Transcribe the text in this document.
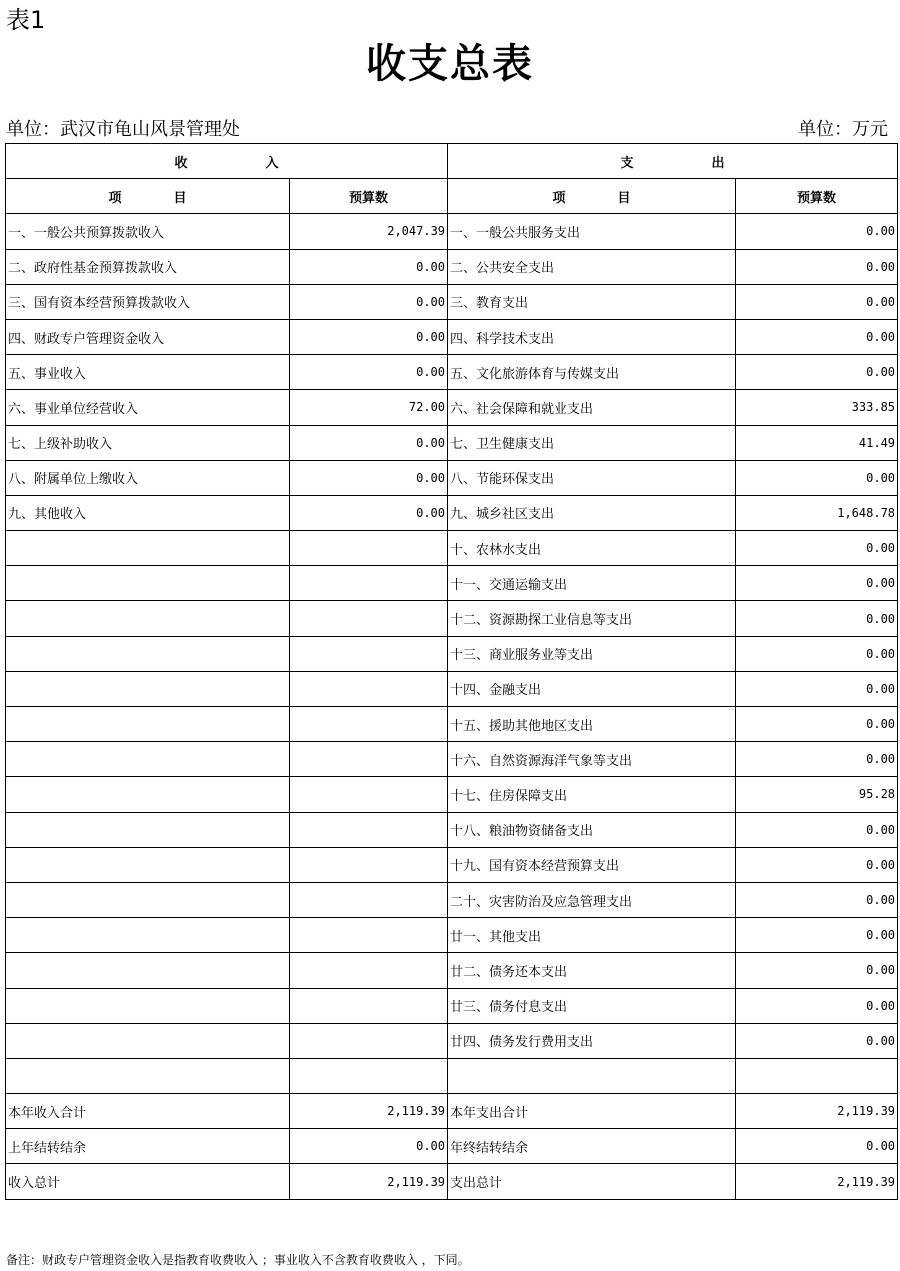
表1
收支总表
单位：武汉市龟山风景管理处	单位：万元
收　　　　　　入		支　　　　　　出	
项　　　　目	预算数	项　　　　目	预算数
一、一般公共预算拨款收入	2,047.39	一、一般公共服务支出	0.00
二、政府性基金预算拨款收入	0.00	二、公共安全支出	0.00
三、国有资本经营预算拨款收入	0.00	三、教育支出	0.00
四、财政专户管理资金收入	0.00	四、科学技术支出	0.00
五、事业收入	0.00	五、文化旅游体育与传媒支出	0.00
六、事业单位经营收入	72.00	六、社会保障和就业支出	333.85
七、上级补助收入	0.00	七、卫生健康支出	41.49
八、附属单位上缴收入	0.00	八、节能环保支出	0.00
九、其他收入	0.00	九、城乡社区支出	1,648.78
		十、农林水支出	0.00
		十一、交通运输支出	0.00
		十二、资源勘探工业信息等支出	0.00
		十三、商业服务业等支出	0.00
		十四、金融支出	0.00
		十五、援助其他地区支出	0.00
		十六、自然资源海洋气象等支出	0.00
		十七、住房保障支出	95.28
		十八、粮油物资储备支出	0.00
		十九、国有资本经营预算支出	0.00
		二十、灾害防治及应急管理支出	0.00
		廿一、其他支出	0.00
		廿二、债务还本支出	0.00
		廿三、债务付息支出	0.00
		廿四、债务发行费用支出	0.00

本年收入合计	2,119.39	本年支出合计	2,119.39
上年结转结余	0.00	年终结转结余	0.00
收入总计	2,119.39	支出总计	2,119.39
备注：财政专户管理资金收入是指教育收费收入 ；事业收入不含教育收费收入 ，下同。
